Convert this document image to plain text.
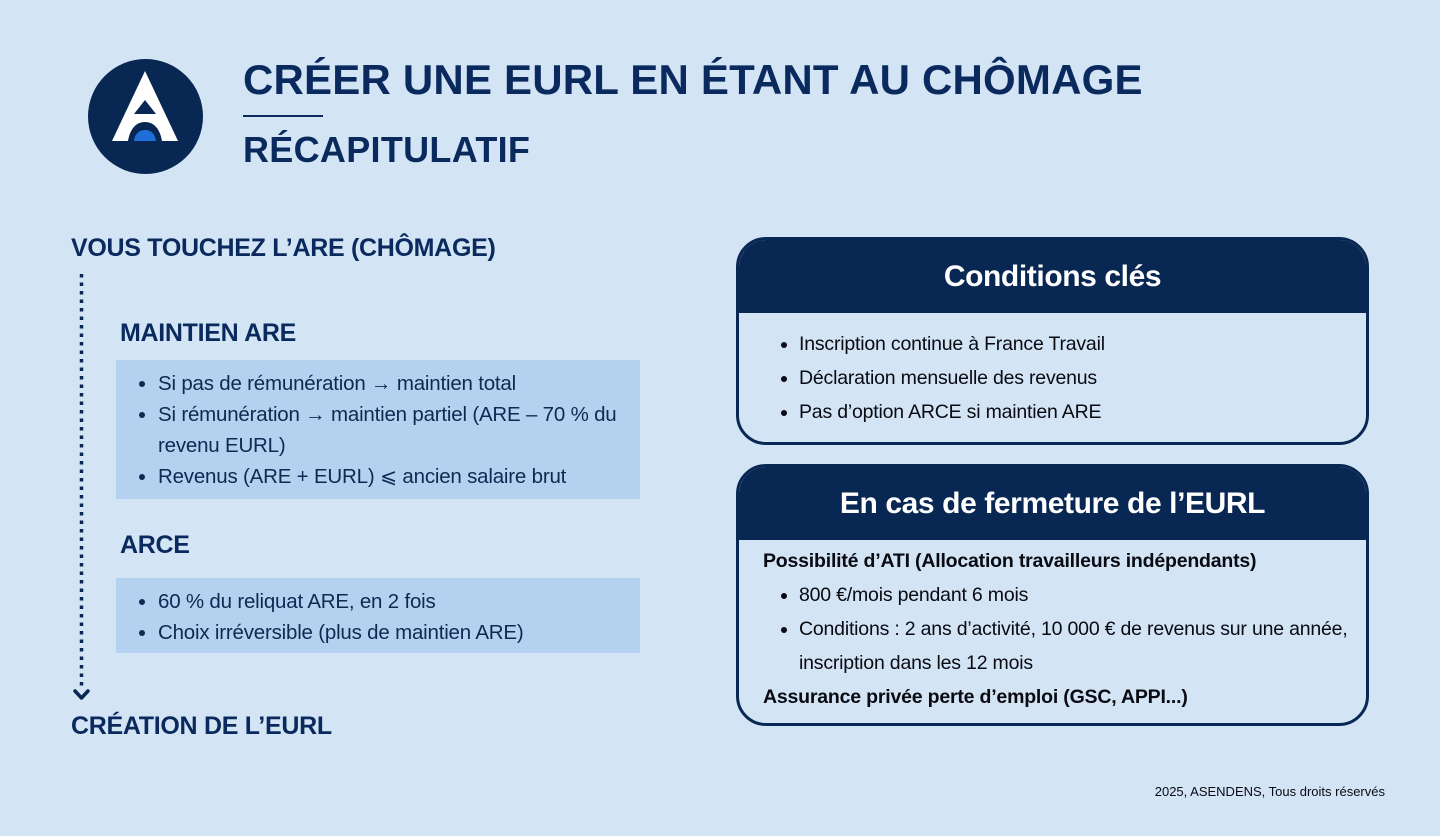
CRÉER UNE EURL EN ÉTANT AU CHÔMAGE
RÉCAPITULATIF
VOUS TOUCHEZ L’ARE (CHÔMAGE)
CRÉATION DE L’EURL
MAINTIEN ARE
• Si pas de rémunération → maintien total
• Si rémunération → maintien partiel (ARE – 70 % du revenu EURL)
• Revenus (ARE + EURL) ⩽ ancien salaire brut
ARCE
• 60 % du reliquat ARE, en 2 fois
• Choix irréversible (plus de maintien ARE)
Conditions clés
• Inscription continue à France Travail
• Déclaration mensuelle des revenus
• Pas d’option ARCE si maintien ARE
En cas de fermeture de l’EURL

Possibilité d’ATI (Allocation travailleurs indépendants)

• 800 €/mois pendant 6 mois
• Conditions : 2 ans d’activité, 10 000 € de revenus sur une année, inscription dans les 12 mois

Assurance privée perte d’emploi (GSC, APPI...)

2025, ASENDENS, Tous droits réservés
